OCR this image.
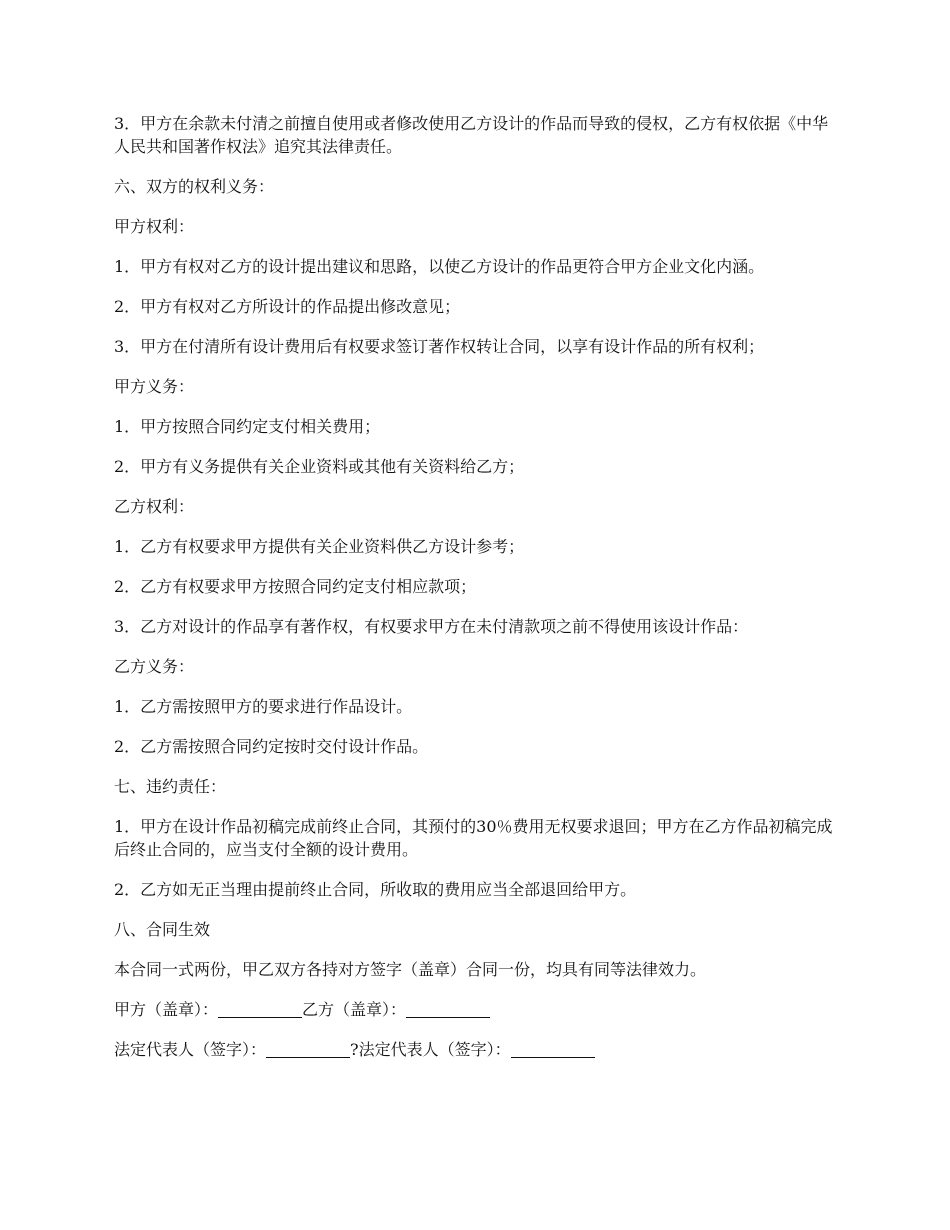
3．甲方在余款未付清之前擅自使用或者修改使用乙方设计的作品而导致的侵权，乙方有权依据《中华人民共和国著作权法》追究其法律责任。

六、双方的权利义务：

甲方权利：

1．甲方有权对乙方的设计提出建议和思路，以使乙方设计的作品更符合甲方企业文化内涵。

2．甲方有权对乙方所设计的作品提出修改意见；

3．甲方在付清所有设计费用后有权要求签订著作权转让合同，以享有设计作品的所有权利；

甲方义务：

1．甲方按照合同约定支付相关费用；

2．甲方有义务提供有关企业资料或其他有关资料给乙方；

乙方权利：

1．乙方有权要求甲方提供有关企业资料供乙方设计参考；

2．乙方有权要求甲方按照合同约定支付相应款项；

3．乙方对设计的作品享有著作权，有权要求甲方在未付清款项之前不得使用该设计作品：

乙方义务：

1．乙方需按照甲方的要求进行作品设计。

2．乙方需按照合同约定按时交付设计作品。

七、违约责任：

1．甲方在设计作品初稿完成前终止合同，其预付的30％费用无权要求退回；甲方在乙方作品初稿完成后终止合同的，应当支付全额的设计费用。

2．乙方如无正当理由提前终止合同，所收取的费用应当全部退回给甲方。

八、合同生效

本合同一式两份，甲乙双方各持对方签字（盖章）合同一份，均具有同等法律效力。

甲方（盖章）：	乙方（盖章）：
法定代表人（签字）：	?法定代表人（签字）：
